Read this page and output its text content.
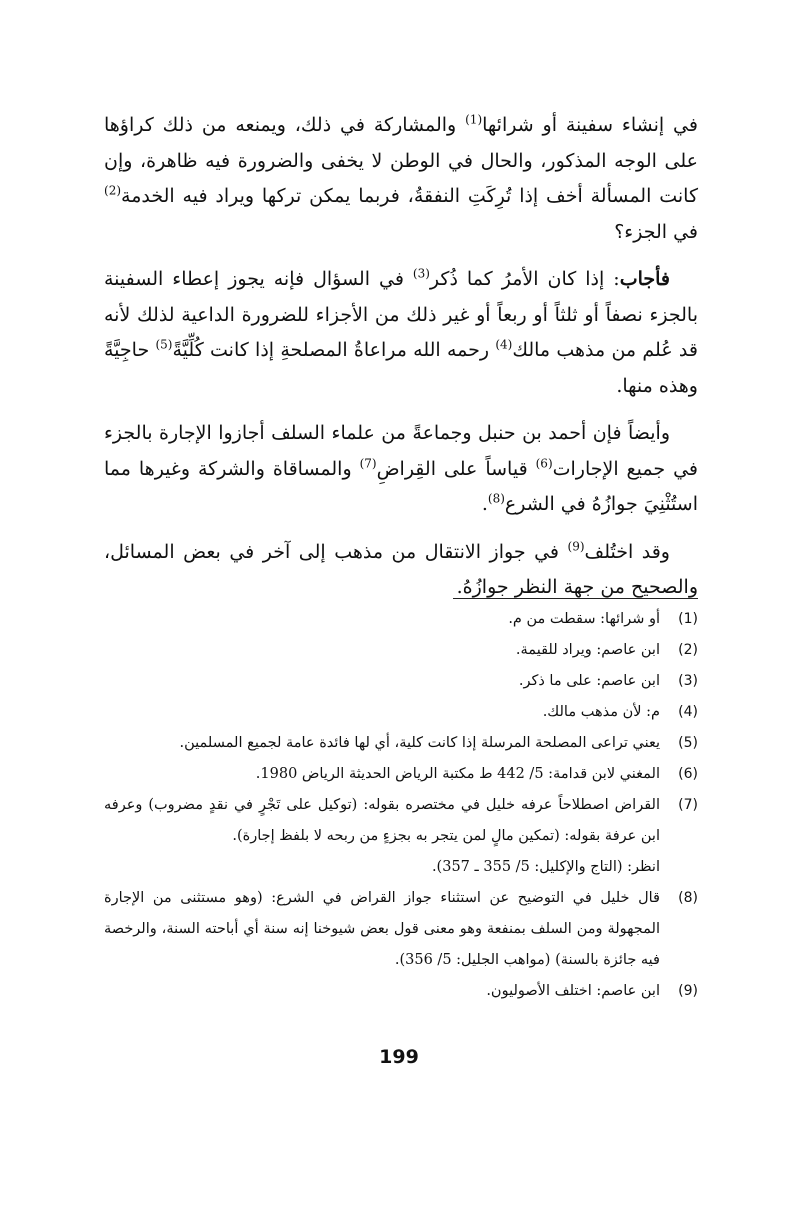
في إنشاء سفينة أو شرائها$^{(1)}$ والمشاركة في ذلك، ويمنعه من ذلك كراؤها على الوجه المذكور، والحال في الوطن لا يخفى والضرورة فيه ظاهرة، وإن كانت المسألة أخف إذا تُرِكَتِ النفقةُ، فربما يمكن تركها ويراد فيه الخدمة$^{(2)}$ في الجزء؟

فأجاب: إذا كان الأمرُ كما ذُكر$^{(3)}$ في السؤال فإنه يجوز إعطاء السفينة بالجزء نصفاً أو ثلثاً أو ربعاً أو غير ذلك من الأجزاء للضرورة الداعية لذلك لأنه قد عُلم من مذهب مالك$^{(4)}$ رحمه الله مراعاةُ المصلحةِ إذا كانت كُلِّيَّةً$^{(5)}$ حاجِيَّةً وهذه منها.

وأيضاً فإن أحمد بن حنبل وجماعةً من علماء السلف أجازوا الإجارة بالجزء في جميع الإجارات$^{(6)}$ قياساً على القِراضِ$^{(7)}$ والمساقاة والشركة وغيرها مما استُثْنِيَ جوازُهُ في الشرع$^{(8)}$.

وقد اختُلف$^{(9)}$ في جواز الانتقال من مذهب إلى آخر في بعض المسائل، والصحيح من جهة النظر جوازُهُ.

(1)
أو شرائها: سقطت من م.
(2)
ابن عاصم: ويراد للقيمة.
(3)
ابن عاصم: على ما ذكر.
(4)
م: لأن مذهب مالك.
(5)
يعني تراعى المصلحة المرسلة إذا كانت كلية، أي لها فائدة عامة لجميع المسلمين.
(6)
المغني لابن قدامة: 5/ 442 ط مكتبة الرياض الحديثة الرياض 1980.
(7)
القراض اصطلاحاً عرفه خليل في مختصره بقوله: (توكيل على تَجْرٍ في نقدٍ مضروب) وعرفه ابن عرفة بقوله: (تمكين مالٍ لمن يتجر به بجزءٍ من ربحه لا بلفظ إجارة).
انظر: (التاج والإكليل: 5/ 355 ـ 357).
(8)
قال خليل في التوضيح عن استثناء جواز القراض في الشرع: (وهو مستثنى من الإجارة المجهولة ومن السلف بمنفعة وهو معنى قول بعض شيوخنا إنه سنة أي أباحته السنة، والرخصة فيه جائزة بالسنة) (مواهب الجليل: 5/ 356).
(9)
ابن عاصم: اختلف الأصوليون.
199
